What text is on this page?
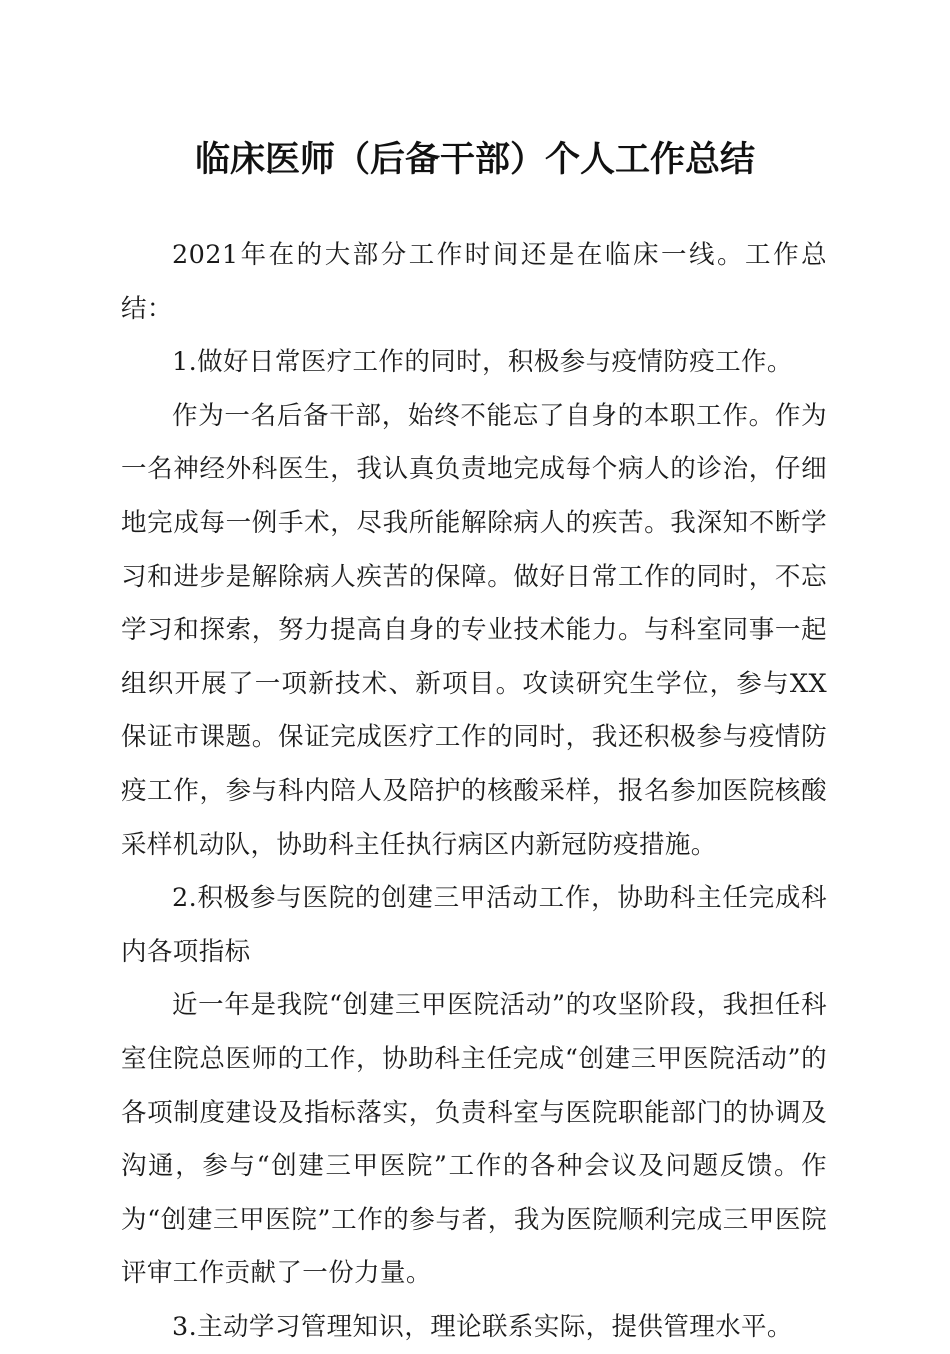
临床医师（后备干部）个人工作总结

2021年在的大部分工作时间还是在临床一线。工作总结：

1.做好日常医疗工作的同时，积极参与疫情防疫工作。

作为一名后备干部，始终不能忘了自身的本职工作。作为一名神经外科医生，我认真负责地完成每个病人的诊治，仔细地完成每一例手术，尽我所能解除病人的疾苦。我深知不断学习和进步是解除病人疾苦的保障。做好日常工作的同时，不忘学习和探索，努力提高自身的专业技术能力。与科室同事一起组织开展了一项新技术、新项目。攻读研究生学位，参与XX保证市课题。保证完成医疗工作的同时，我还积极参与疫情防疫工作，参与科内陪人及陪护的核酸采样，报名参加医院核酸采样机动队，协助科主任执行病区内新冠防疫措施。

2.积极参与医院的创建三甲活动工作，协助科主任完成科内各项指标

近一年是我院“创建三甲医院活动”的攻坚阶段，我担任科室住院总医师的工作，协助科主任完成“创建三甲医院活动”的各项制度建设及指标落实，负责科室与医院职能部门的协调及沟通，参与“创建三甲医院”工作的各种会议及问题反馈。作为“创建三甲医院”工作的参与者，我为医院顺利完成三甲医院评审工作贡献了一份力量。

3.主动学习管理知识，理论联系实际，提供管理水平。
